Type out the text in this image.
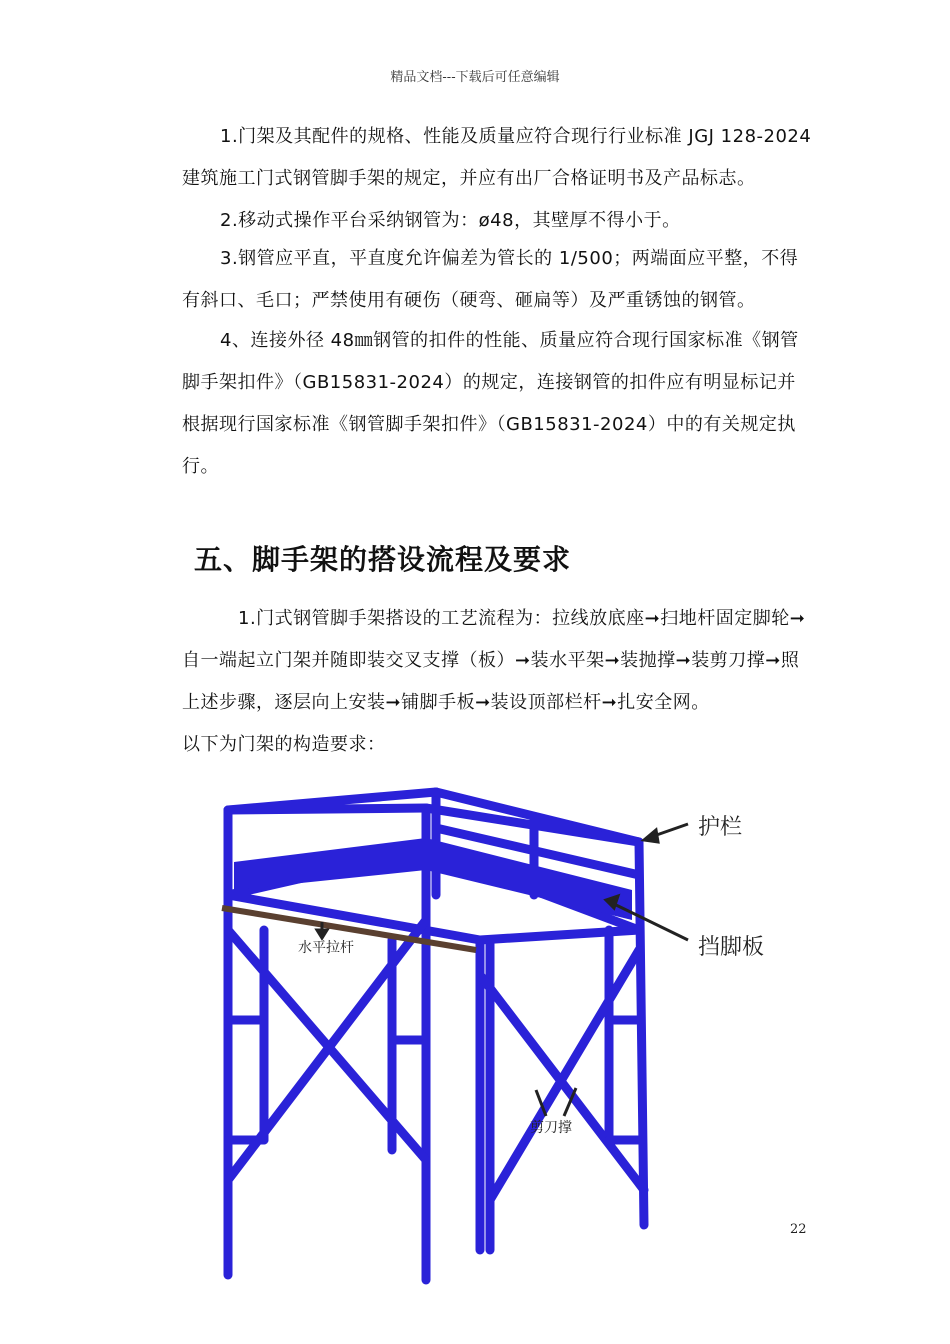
精品文档---下载后可任意编辑

1.门架及其配件的规格、性能及质量应符合现行行业标准 JGJ 128-2024 建筑施工门式钢管脚手架的规定，并应有出厂合格证明书及产品标志。

2.移动式操作平台采纳钢管为：ø48，其壁厚不得小于。

3.钢管应平直，平直度允许偏差为管长的 1/500；两端面应平整，不得有斜口、毛口；严禁使用有硬伤（硬弯、砸扁等）及严重锈蚀的钢管。

4、连接外径 48㎜钢管的扣件的性能、质量应符合现行国家标准《钢管脚手架扣件》（GB15831-2024）的规定，连接钢管的扣件应有明显标记并根据现行国家标准《钢管脚手架扣件》（GB15831-2024）中的有关规定执行。

五、脚手架的搭设流程及要求

1.门式钢管脚手架搭设的工艺流程为：拉线放底座➞扫地杆固定脚轮➞自一端起立门架并随即装交叉支撑（板）➞装水平架➞装抛撑➞装剪刀撑➞照上述步骤，逐层向上安装➞铺脚手板➞装设顶部栏杆➞扎安全网。

以下为门架的构造要求：

护栏
挡脚板
水平拉杆
剪刀撑
22
